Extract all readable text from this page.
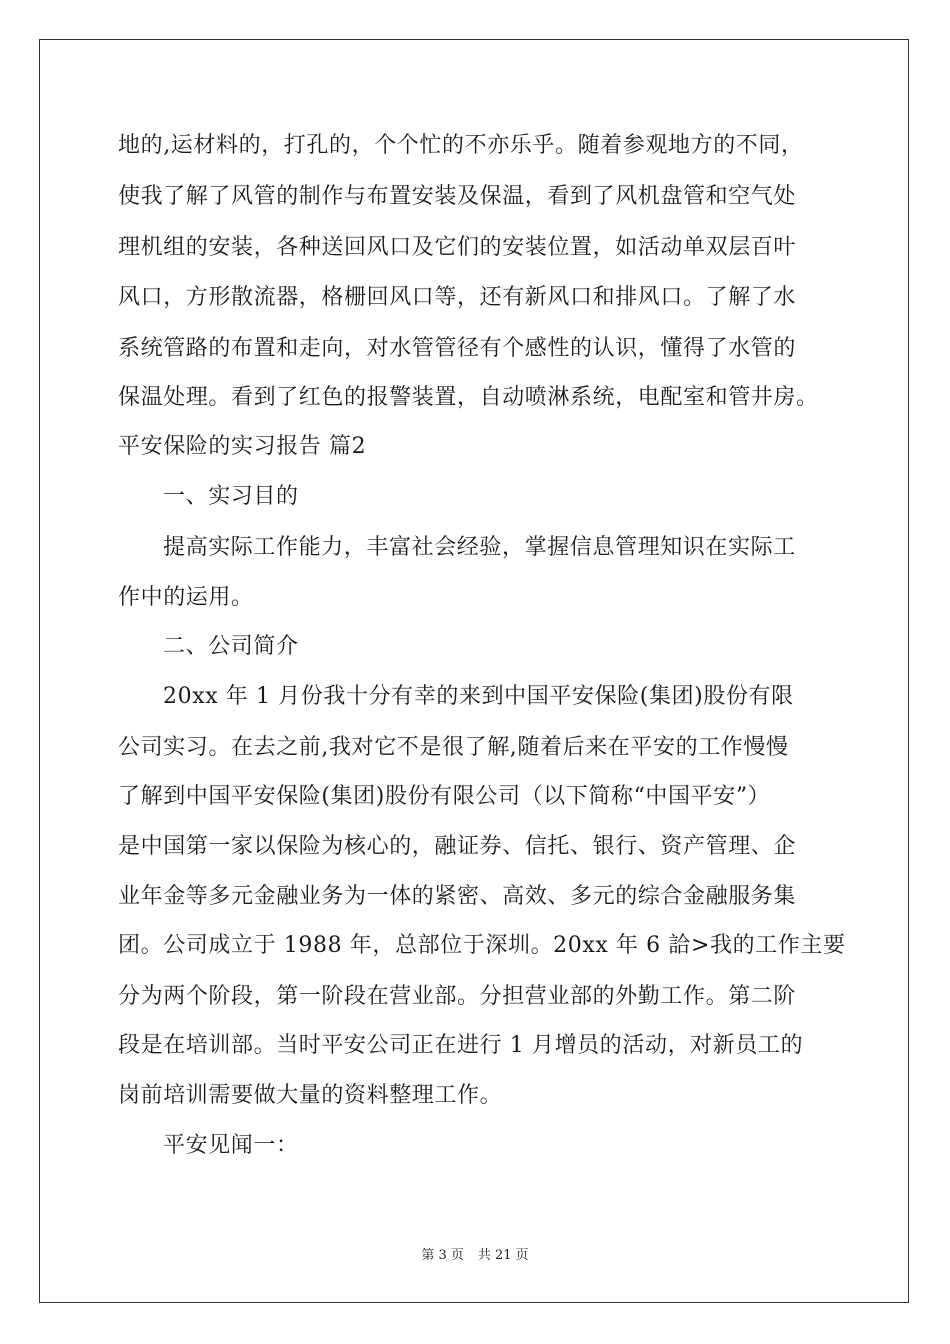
地的,运材料的，打孔的，个个忙的不亦乐乎。随着参观地方的不同，
使我了解了风管的制作与布置安装及保温，看到了风机盘管和空气处
理机组的安装，各种送回风口及它们的安装位置，如活动单双层百叶
风口，方形散流器，格栅回风口等，还有新风口和排风口。了解了水
系统管路的布置和走向，对水管管径有个感性的认识，懂得了水管的
保温处理。看到了红色的报警装置，自动喷淋系统，电配室和管井房。
平安保险的实习报告 篇2
一、实习目的
提高实际工作能力，丰富社会经验，掌握信息管理知识在实际工
作中的运用。
二、公司简介
20xx 年 1 月份我十分有幸的来到中国平安保险(集团)股份有限
公司实习。在去之前,我对它不是很了解,随着后来在平安的工作慢慢
了解到中国平安保险(集团)股份有限公司（以下简称“中国平安”）
是中国第一家以保险为核心的，融证券、信托、银行、资产管理、企
业年金等多元金融业务为一体的紧密、高效、多元的综合金融服务集
团。公司成立于 1988 年，总部位于深圳。20xx 年 6 詥>我的工作主要
分为两个阶段，第一阶段在营业部。分担营业部的外勤工作。第二阶
段是在培训部。当时平安公司正在进行 1 月增员的活动，对新员工的
岗前培训需要做大量的资料整理工作。
平安见闻一：
第 3 页 共 21 页
